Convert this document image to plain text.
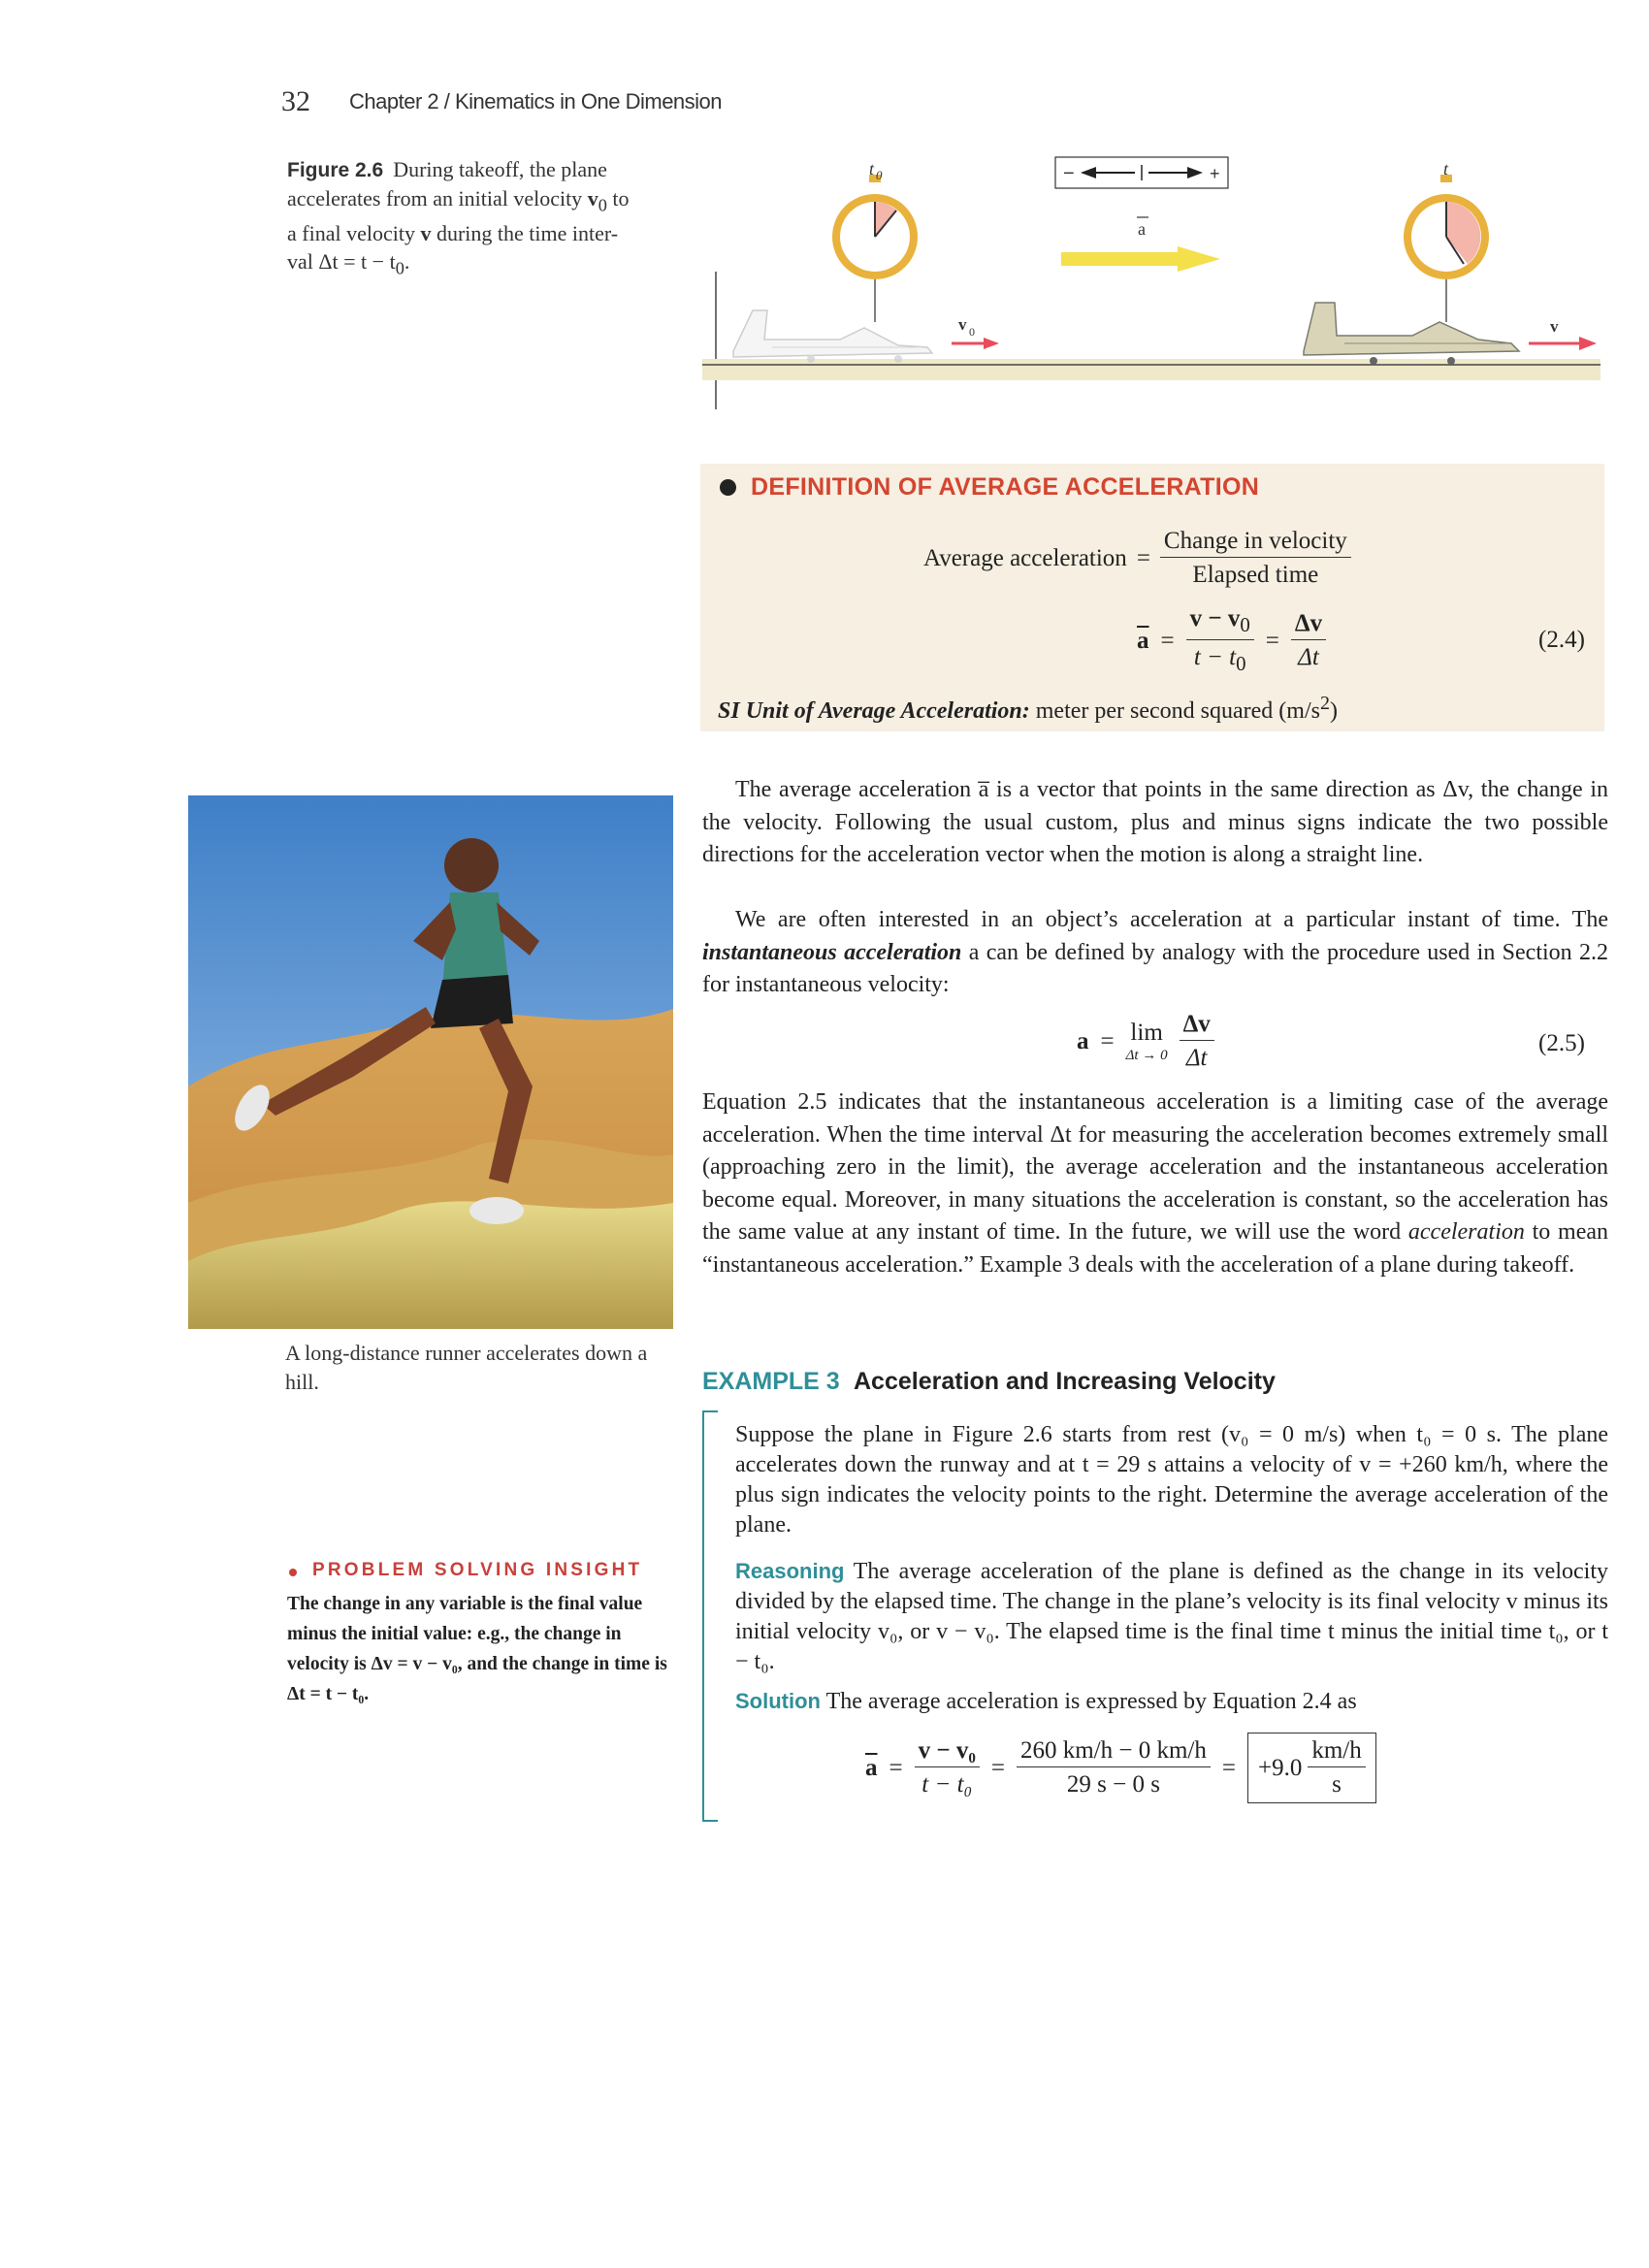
32 Chapter 2 / Kinematics in One Dimension
Figure 2.6 During takeoff, the plane
accelerates from an initial velocity $v_0$ to
a final velocity v during the time inter-
val $\Delta t = t - t_0$.
t 0	t
−	+
a
v 0	v
DEFINITION OF AVERAGE ACCELERATION
Average acceleration = $\frac{\text{Change in velocity}}{\text{Elapsed time}}$
$\overline{a} = \frac{v - v_0}{t - t_0} = \frac{\Delta v}{\Delta t}$	(2.4)
SI Unit of Average Acceleration: meter per second squared $(m/s^2)$
The average acceleration a̅ is a vector that points in the same direction as Δv, the change in the velocity. Following the usual custom, plus and minus signs indicate the two possible directions for the acceleration vector when the motion is along a straight line.
We are often interested in an object’s acceleration at a particular instant of time. The instantaneous acceleration a can be defined by analogy with the procedure used in Section 2.2 for instantaneous velocity:
a = lim
$\Delta t \to 0 \frac{\Delta v}{\Delta t}$	(2.5)
Equation 2.5 indicates that the instantaneous acceleration is a limiting case of the average acceleration. When the time interval Δt for measuring the acceleration becomes extremely small (approaching zero in the limit), the average acceleration and the instantaneous acceleration become equal. Moreover, in many situations the acceleration is constant, so the acceleration has the same value at any instant of time. In the future, we will use the word acceleration to mean “instantaneous acceleration.” Example 3 deals with the acceleration of a plane during takeoff.
A long-distance runner accelerates down a hill.
PROBLEM SOLVING INSIGHT
The change in any variable is the final value minus the initial value: e.g., the change in velocity is Δv = v − v₀, and the change in time is Δt = t − t₀.
EXAMPLE 3 Acceleration and Increasing Velocity
Suppose the plane in Figure 2.6 starts from rest (v₀ = 0 m/s) when t₀ = 0 s. The plane accelerates down the runway and at t = 29 s attains a velocity of v = +260 km/h, where the plus sign indicates the velocity points to the right. Determine the average acceleration of the plane.
Reasoning The average acceleration of the plane is defined as the change in its velocity divided by the elapsed time. The change in the plane’s velocity is its final velocity v minus its initial velocity v₀, or v − v₀. The elapsed time is the final time t minus the initial time t₀, or t − t₀.
Solution The average acceleration is expressed by Equation 2.4 as
$\overline{a} = \frac{\text{v − v₀}}{\text{t − t₀}} = \frac{260 km/h - 0 km/h}{29 s - 0 s} = +9.0 \frac{km/h}{s}$
